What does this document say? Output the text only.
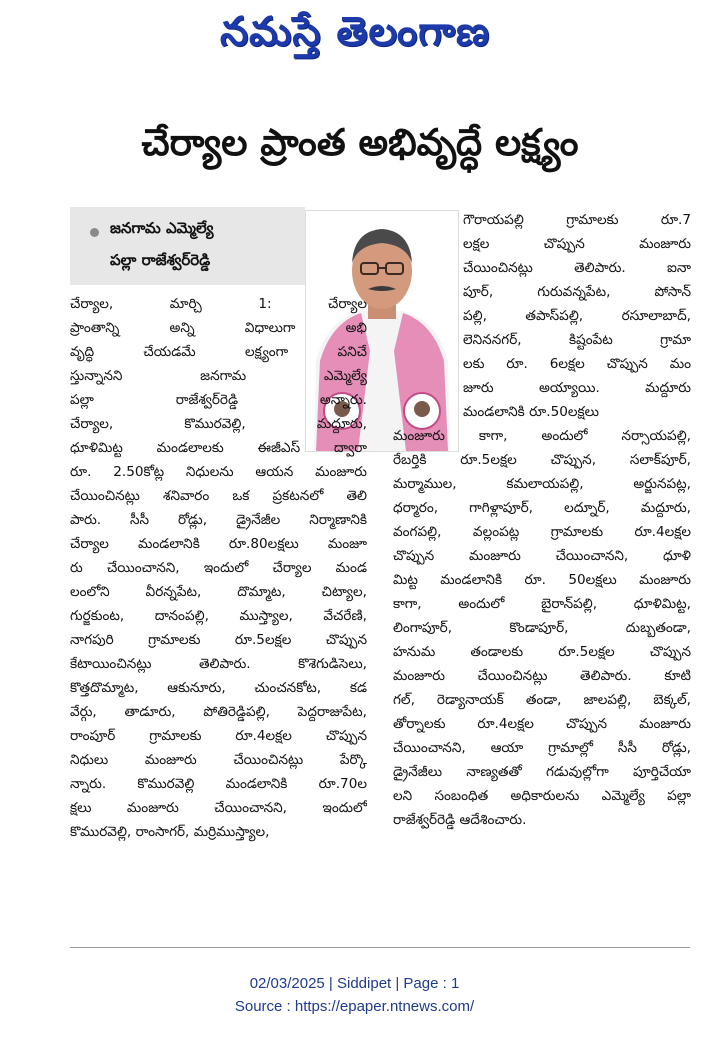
నమస్తే తెలంగాణ
చేర్యాల ప్రాంత అభివృద్ధే లక్ష్యం
జనగామ ఎమ్మెల్యే
పల్లా రాజేశ్వర్‌రెడ్డి
చేర్యాల, మార్చి 1: చేర్యాల
ప్రాంతాన్ని అన్ని విధాలుగా అభి
వృద్ధి చేయడమే లక్ష్యంగా పనిచే
స్తున్నానని జనగామ ఎమ్మెల్యే
పల్లా రాజేశ్వర్‌రెడ్డి అన్నారు.
చేర్యాల, కొమురవెల్లి, మద్దూరు,
ధూళిమిట్ట మండలాలకు ఈజీఎస్ ద్వారా
రూ. 2.50కోట్ల నిధులను ఆయన మంజూరు
చేయించినట్లు శనివారం ఒక ప్రకటనలో తెలి
పారు. సీసీ రోడ్లు, డ్రైనేజీల నిర్మాణానికి
చేర్యాల మండలానికి రూ.80లక్షలు మంజూ
రు చేయించానని, ఇందులో చేర్యాల మండ
లంలోని వీరన్నపేట, దొమ్మాట, చిట్యాల,
గుర్జకుంట, దానంపల్లి, ముస్త్యాల, వేచరేణి,
నాగపురి గ్రామాలకు రూ.5లక్షల చొప్పున
కేటాయించినట్లు తెలిపారు. కొశెగుడిసెలు,
కొత్తదొమ్మాట, ఆకునూరు, చుంచనకోట, కడ
వేర్గు, తాడూరు, పోతిరెడ్డిపల్లి, పెద్దరాజుపేట,
రాంపూర్ గ్రామాలకు రూ.4లక్షల చొప్పున
నిధులు మంజూరు చేయించినట్లు పేర్కొ
న్నారు. కొమురవెల్లి మండలానికి రూ.70ల
క్షలు మంజూరు చేయించానని, ఇందులో
కొమురవెల్లి, రాంసాగర్, మర్రిముస్త్యాల,
గౌరాయపల్లి గ్రామాలకు రూ.7
లక్షల చొప్పున మంజూరు
చేయించినట్లు తెలిపారు. ఐనా
పూర్, గురువన్నపేట, పోసాన్
పల్లి, తపాస్‌పల్లి, రసూలాబాద్,
లెనిననగర్, కిష్టంపేట గ్రామా
లకు రూ. 6లక్షల చొప్పున మం
జూరు అయ్యాయి. మద్దూరు
మండలానికి రూ.50లక్షలు
మంజూరు కాగా, అందులో నర్సాయపల్లి,
రేబర్తికి రూ.5లక్షల చొప్పున, సలాక్‌పూర్,
మర్మాముల, కమలాయపల్లి, అర్జునపట్ల,
ధర్మారం, గాగిళ్లాపూర్, లద్నూర్, మద్దూరు,
వంగపల్లి, వల్లంపట్ల గ్రామాలకు రూ.4లక్షల
చొప్పున మంజూరు చేయించానని, ధూళి
మిట్ట మండలానికి రూ. 50లక్షలు మంజూరు
కాగా, అందులో బైరాన్‌పల్లి, ధూళిమిట్ట,
లింగాపూర్, కొండాపూర్, దుబ్బతండా,
హనుమ తండాలకు రూ.5లక్షల చొప్పున
మంజూరు చేయించినట్లు తెలిపారు. కూటి
గల్, రెడ్యానాయక్ తండా, జాలపల్లి, బెక్కల్,
తోర్నాలకు రూ.4లక్షల చొప్పున మంజూరు
చేయించానని, ఆయా గ్రామాల్లో సీసీ రోడ్లు,
డ్రైనేజీలు నాణ్యతతో గడువుల్లోగా పూర్తిచేయా
లని సంబంధిత అధికారులను ఎమ్మెల్యే పల్లా
రాజేశ్వర్‌రెడ్డి ఆదేశించారు.
02/03/2025 | Siddipet | Page : 1
Source : https://epaper.ntnews.com/
